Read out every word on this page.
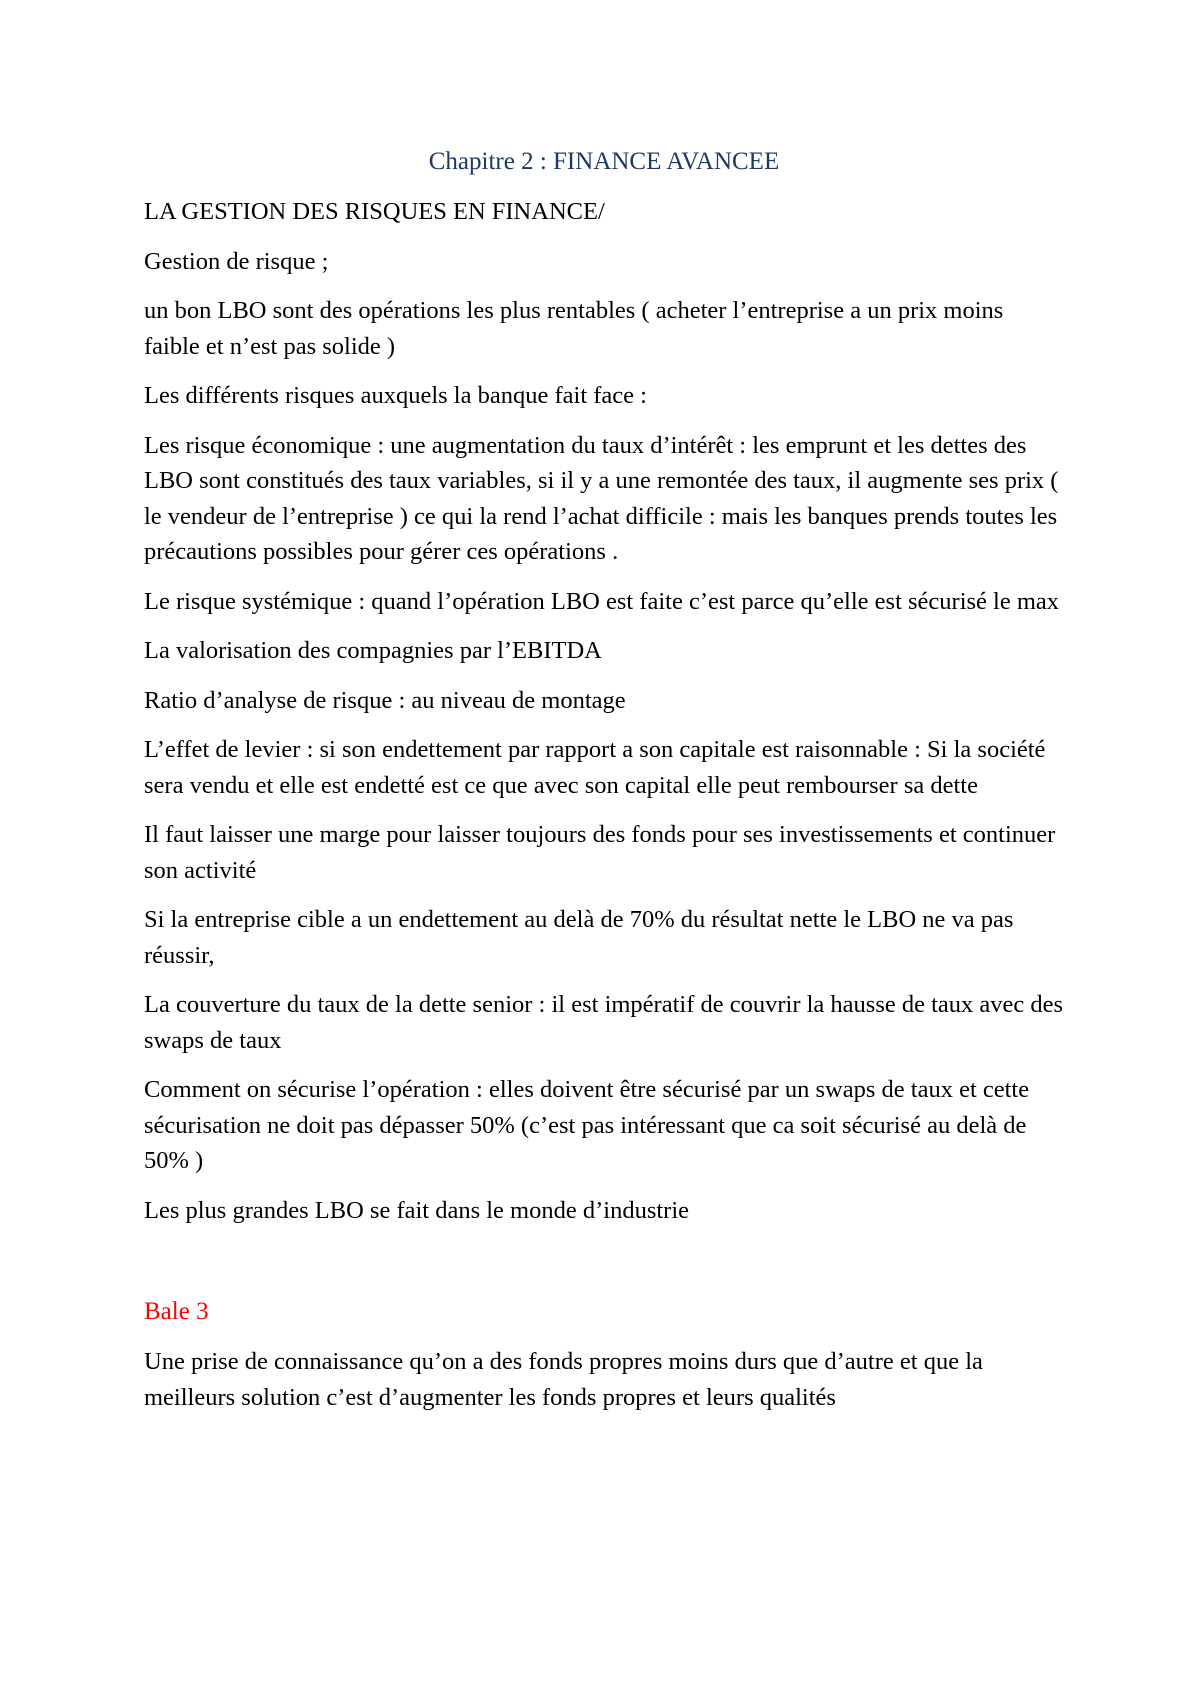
Chapitre 2 : FINANCE AVANCEE

LA GESTION DES RISQUES EN FINANCE/

Gestion de risque ;

un bon LBO sont des opérations les plus rentables ( acheter l’entreprise a un prix moins faible et n’est pas solide )

Les différents risques auxquels la banque fait face :

Les risque économique : une augmentation du taux d’intérêt : les emprunt et les dettes des LBO sont constitués des taux variables, si il y a une remontée des taux, il augmente ses prix ( le vendeur de l’entreprise ) ce qui la rend l’achat difficile : mais les banques prends toutes les précautions possibles pour gérer ces opérations .

Le risque systémique : quand l’opération LBO est faite c’est parce qu’elle est sécurisé le max

La valorisation des compagnies par l’EBITDA

Ratio d’analyse de risque : au niveau de montage

L’effet de levier : si son endettement par rapport a son capitale est raisonnable : Si la société sera vendu et elle est endetté est ce que avec son capital elle peut rembourser sa dette

Il faut laisser une marge pour laisser toujours des fonds pour ses investissements et continuer son activité

Si la entreprise cible a un endettement au delà de 70% du résultat nette le LBO ne va pas réussir,

La couverture du taux de la dette senior : il est impératif de couvrir la hausse de taux avec des swaps de taux

Comment on sécurise l’opération : elles doivent être sécurisé par un swaps de taux et cette sécurisation ne doit pas dépasser 50% (c’est pas intéressant que ca soit sécurisé au delà de 50% )

Les plus grandes LBO se fait dans le monde d’industrie

Bale 3

Une prise de connaissance qu’on a des fonds propres moins durs que d’autre et que la meilleurs solution c’est d’augmenter les fonds propres et leurs qualités
